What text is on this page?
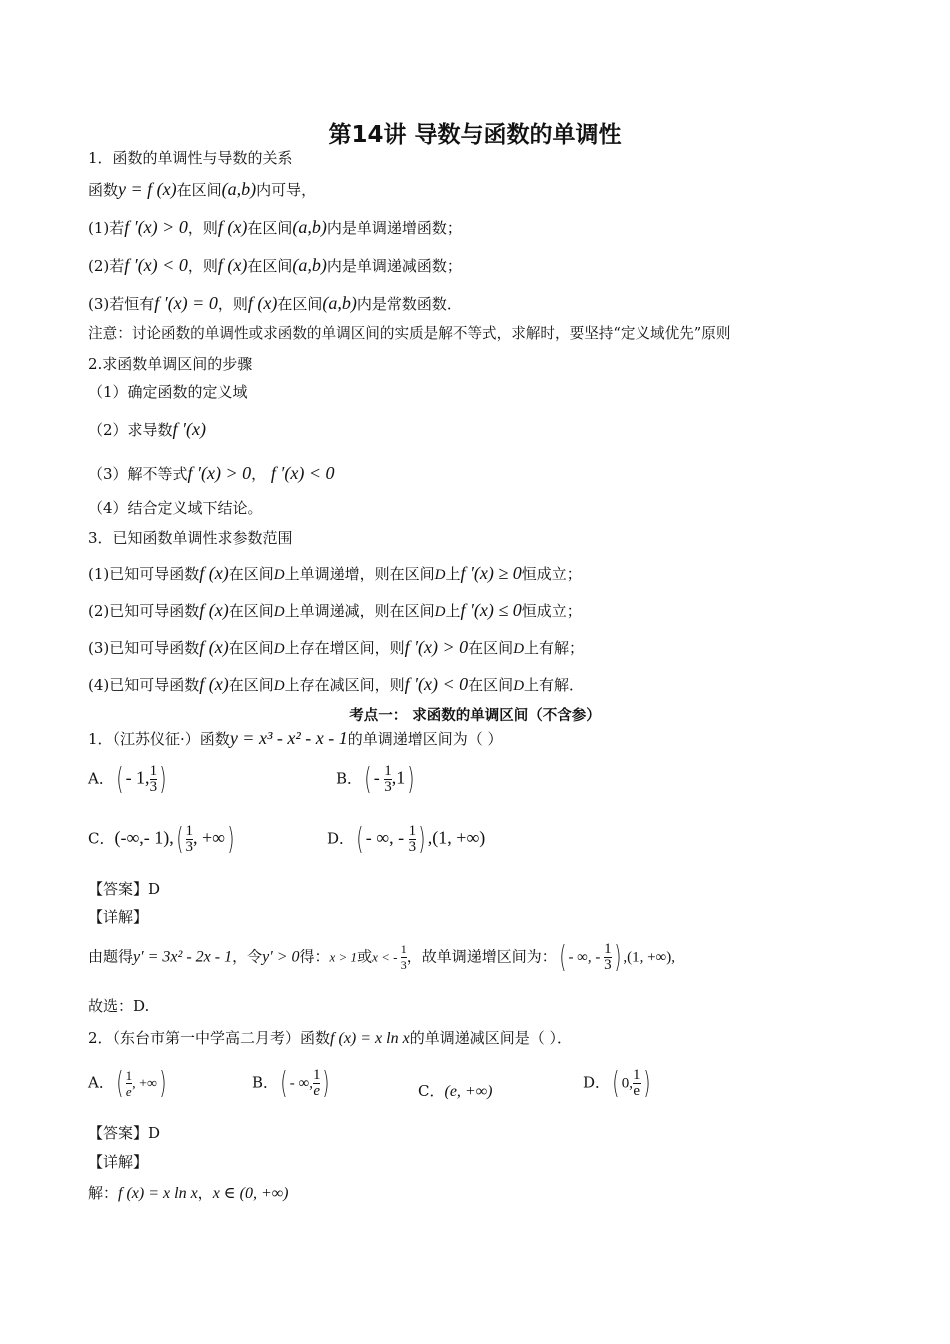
第14讲 导数与函数的单调性
1．函数的单调性与导数的关系
函数y = f (x)在区间(a,b)内可导，
(1)若f ′(x) > 0，则f (x)在区间(a,b)内是单调递增函数；
(2)若f ′(x) < 0，则f (x)在区间(a,b)内是单调递减函数；
(3)若恒有f ′(x) = 0，则f (x)在区间(a,b)内是常数函数．
注意：讨论函数的单调性或求函数的单调区间的实质是解不等式，求解时，要坚持“定义域优先”原则
2.求函数单调区间的步骤
（1）确定函数的定义域
（2）求导数f ′(x)
（3）解不等式f ′(x) > 0， f ′(x) < 0
（4）结合定义域下结论。
3．已知函数单调性求参数范围
(1)已知可导函数f (x)在区间D上单调递增，则在区间D上f ′(x) ≥ 0恒成立；
(2)已知可导函数f (x)在区间D上单调递减，则在区间D上f ′(x) ≤ 0恒成立；
(3)已知可导函数f (x)在区间D上存在增区间，则f ′(x) > 0在区间D上有解；
(4)已知可导函数f (x)在区间D上存在减区间，则f ′(x) < 0在区间D上有解．
考点一： 求函数的单调区间（不含参）
1．（江苏仪征·）函数y = x³ - x² - x - 1的单调递增区间为（ ）
A．( - 1, $\frac{1}{3}$ )	B．( - $\frac{1}{3} ,1$)
C．(-∞,- $1),( \frac{1}{3}$ , +∞)	D．( - ∞, - $\frac{1}{3}$ ) ,(1, +∞)
【答案】D
【详解】
由题得y′ = 3x² - 2x - 1，令y′ > 0得：x > 1或x < - $\frac{1}{3}$ ，故单调递增区间为：( - ∞, - $\frac{1}{3}$ ) ,(1, +∞),
故选：D.
2．（东台市第一中学高二月考）函数f (x) = x ln x的单调递减区间是（ ）．
A．( $\frac{1}{e}$ , +∞)	B．( - ∞, $\frac{1}{e}$ )	C．(e, +∞)	D．( 0, $\frac{1}{e}$ )
【答案】D
【详解】
解：f (x) = x ln x，x ∈ (0, +∞)
